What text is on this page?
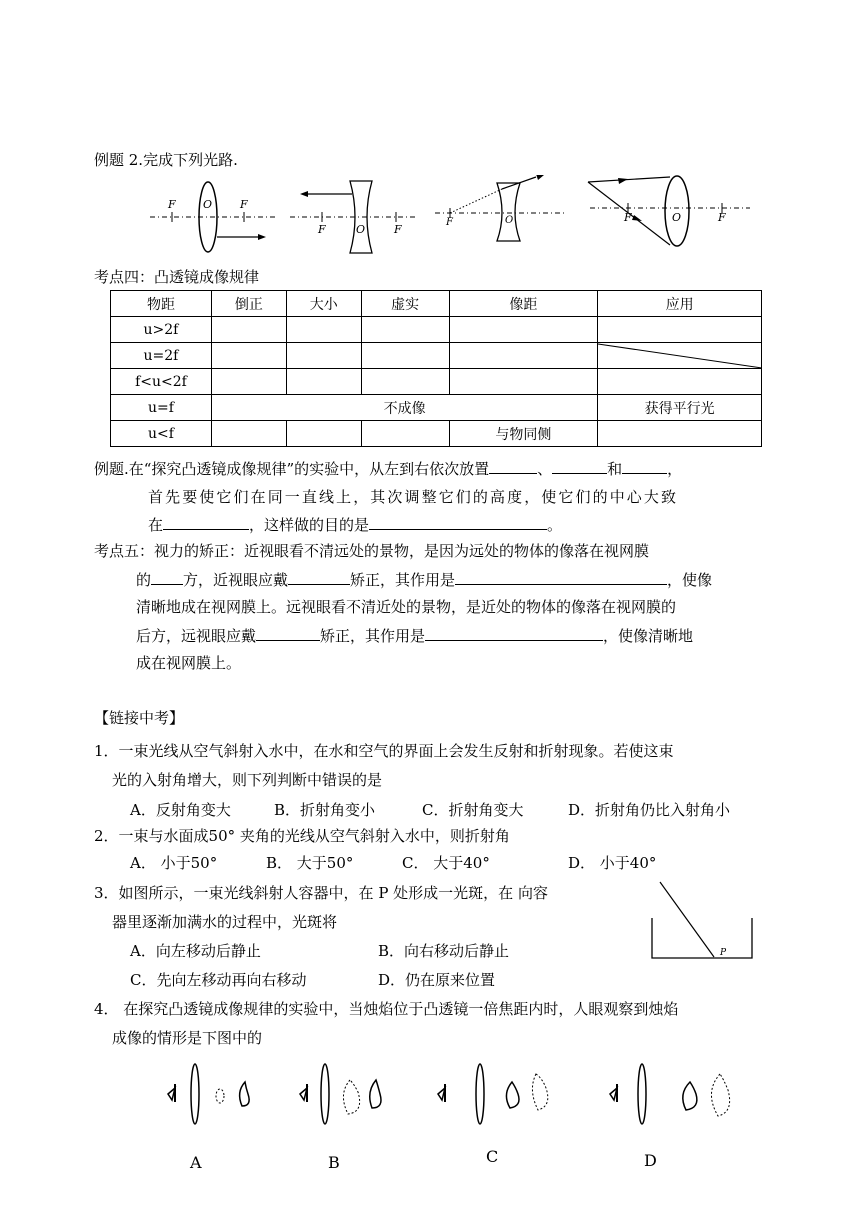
例题 2.完成下列光路.
F O	F
F	O	F
F	O	F	O	F
考点四：凸透镜成像规律
物距	倒正	大小	虚实	像距	应用
u>2f					
u=2f					

f<u<2f					
u=f	不成像				获得平行光
u<f				与物同侧	
例题.在“探究凸透镜成像规律”的实验中，从左到右依次放置	、	和	，
首先要使它们在同一直线上，其次调整它们的高度，使它们的中心大致
在	，这样做的目的是	。
考点五：视力的矫正：近视眼看不清远处的景物，是因为远处的物体的像落在视网膜
的 方，近视眼应戴	矫正，其作用是	，使像
清晰地成在视网膜上。远视眼看不清近处的景物，是近处的物体的像落在视网膜的
后方，远视眼应戴	矫正，其作用是	，使像清晰地
成在视网膜上。
【链接中考】
1．一束光线从空气斜射入水中，在水和空气的界面上会发生反射和折射现象。若使这束
光的入射角增大，则下列判断中错误的是
A．反射角变大	B．折射角变小	C．折射角变大	D．折射角仍比入射角小
2．一束与水面成50° 夹角的光线从空气斜射入水中，则折射角
A． 小于50°	B． 大于50°	C． 大于40°	D． 小于40°
3．如图所示，一束光线斜射人容器中，在 P 处形成一光斑，在 向容
器里逐渐加满水的过程中，光斑将
A．向左移动后静止	B．向右移动后静止
C．先向左移动再向右移动	D．仍在原来位置
P
4． 在探究凸透镜成像规律的实验中，当烛焰位于凸透镜一倍焦距内时，人眼观察到烛焰
成像的情形是下图中的
A	B	C	D
